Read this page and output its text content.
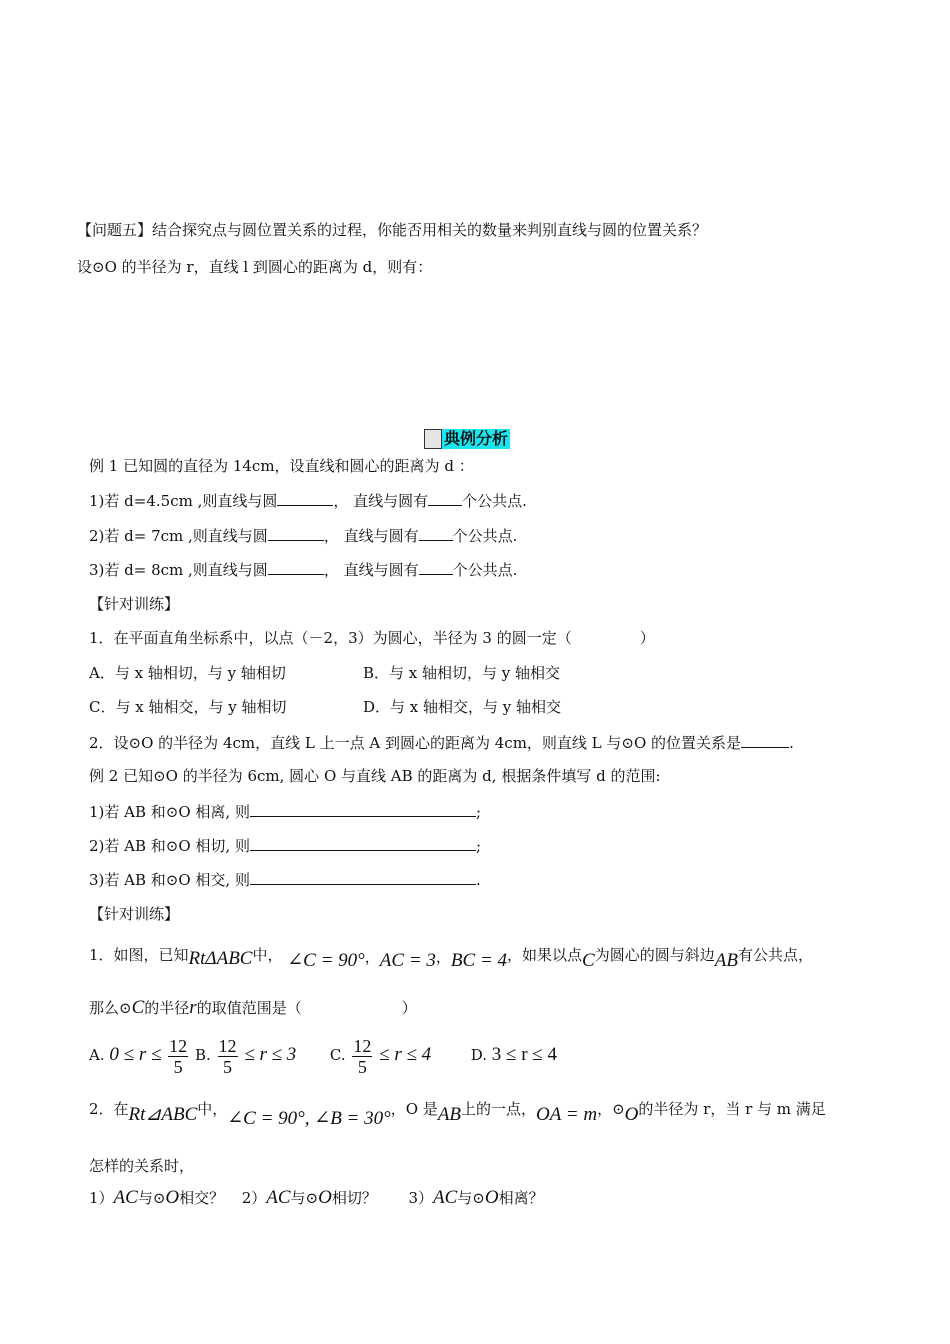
【问题五】结合探究点与圆位置关系的过程，你能否用相关的数量来判别直线与圆的位置关系？
设⊙O 的半径为 r，直线 l 到圆心的距离为 d，则有：
典例分析
例 1 已知圆的直径为 14cm，设直线和圆心的距离为 d ：
1)若 d=4.5cm ,则直线与圆	， 直线与圆有 个公共点.
2)若 d= 7cm ,则直线与圆	， 直线与圆有 个公共点.
3)若 d= 8cm ,则直线与圆	， 直线与圆有 个公共点.
【针对训练】
1．在平面直角坐标系中，以点（－2，3）为圆心，半径为 3 的圆一定（	）
A．与 x 轴相切，与 y 轴相切	B．与 x 轴相切，与 y 轴相交
C．与 x 轴相交，与 y 轴相切	D．与 x 轴相交，与 y 轴相交
2．设⊙O 的半径为 4cm，直线 L 上一点 A 到圆心的距离为 4cm，则直线 L 与⊙O 的位置关系是	.
例 2 已知⊙O 的半径为 6cm, 圆心 O 与直线 AB 的距离为 d, 根据条件填写 d 的范围:
1)若 AB 和⊙O 相离, 则	;
2)若 AB 和⊙O 相切, 则	;
3)若 AB 和⊙O 相交, 则	.
【针对训练】
1．如图，已知RtΔABC中， ∠C = 90°，AC = 3，BC = 4，如果以点C为圆心的圆与斜边AB有公共点，
那么⊙C的半径r的取值范围是（	）
A. $0 \le r \le \frac{12}{5} B$. $\frac{12}{5} \le r \le 3$ C. $\frac{12}{5} \le r \le 4$	D. 3 ≤ r ≤ 4
2．在Rt⊿ABC中，∠C = 90°, ∠B = 30°，O 是AB上的一点，OA = m，⊙O的半径为 r，当 r 与 m 满足
怎样的关系时，
1）AC与⊙O相交？ 2）AC与⊙O相切？ 3）AC与⊙O相离？
